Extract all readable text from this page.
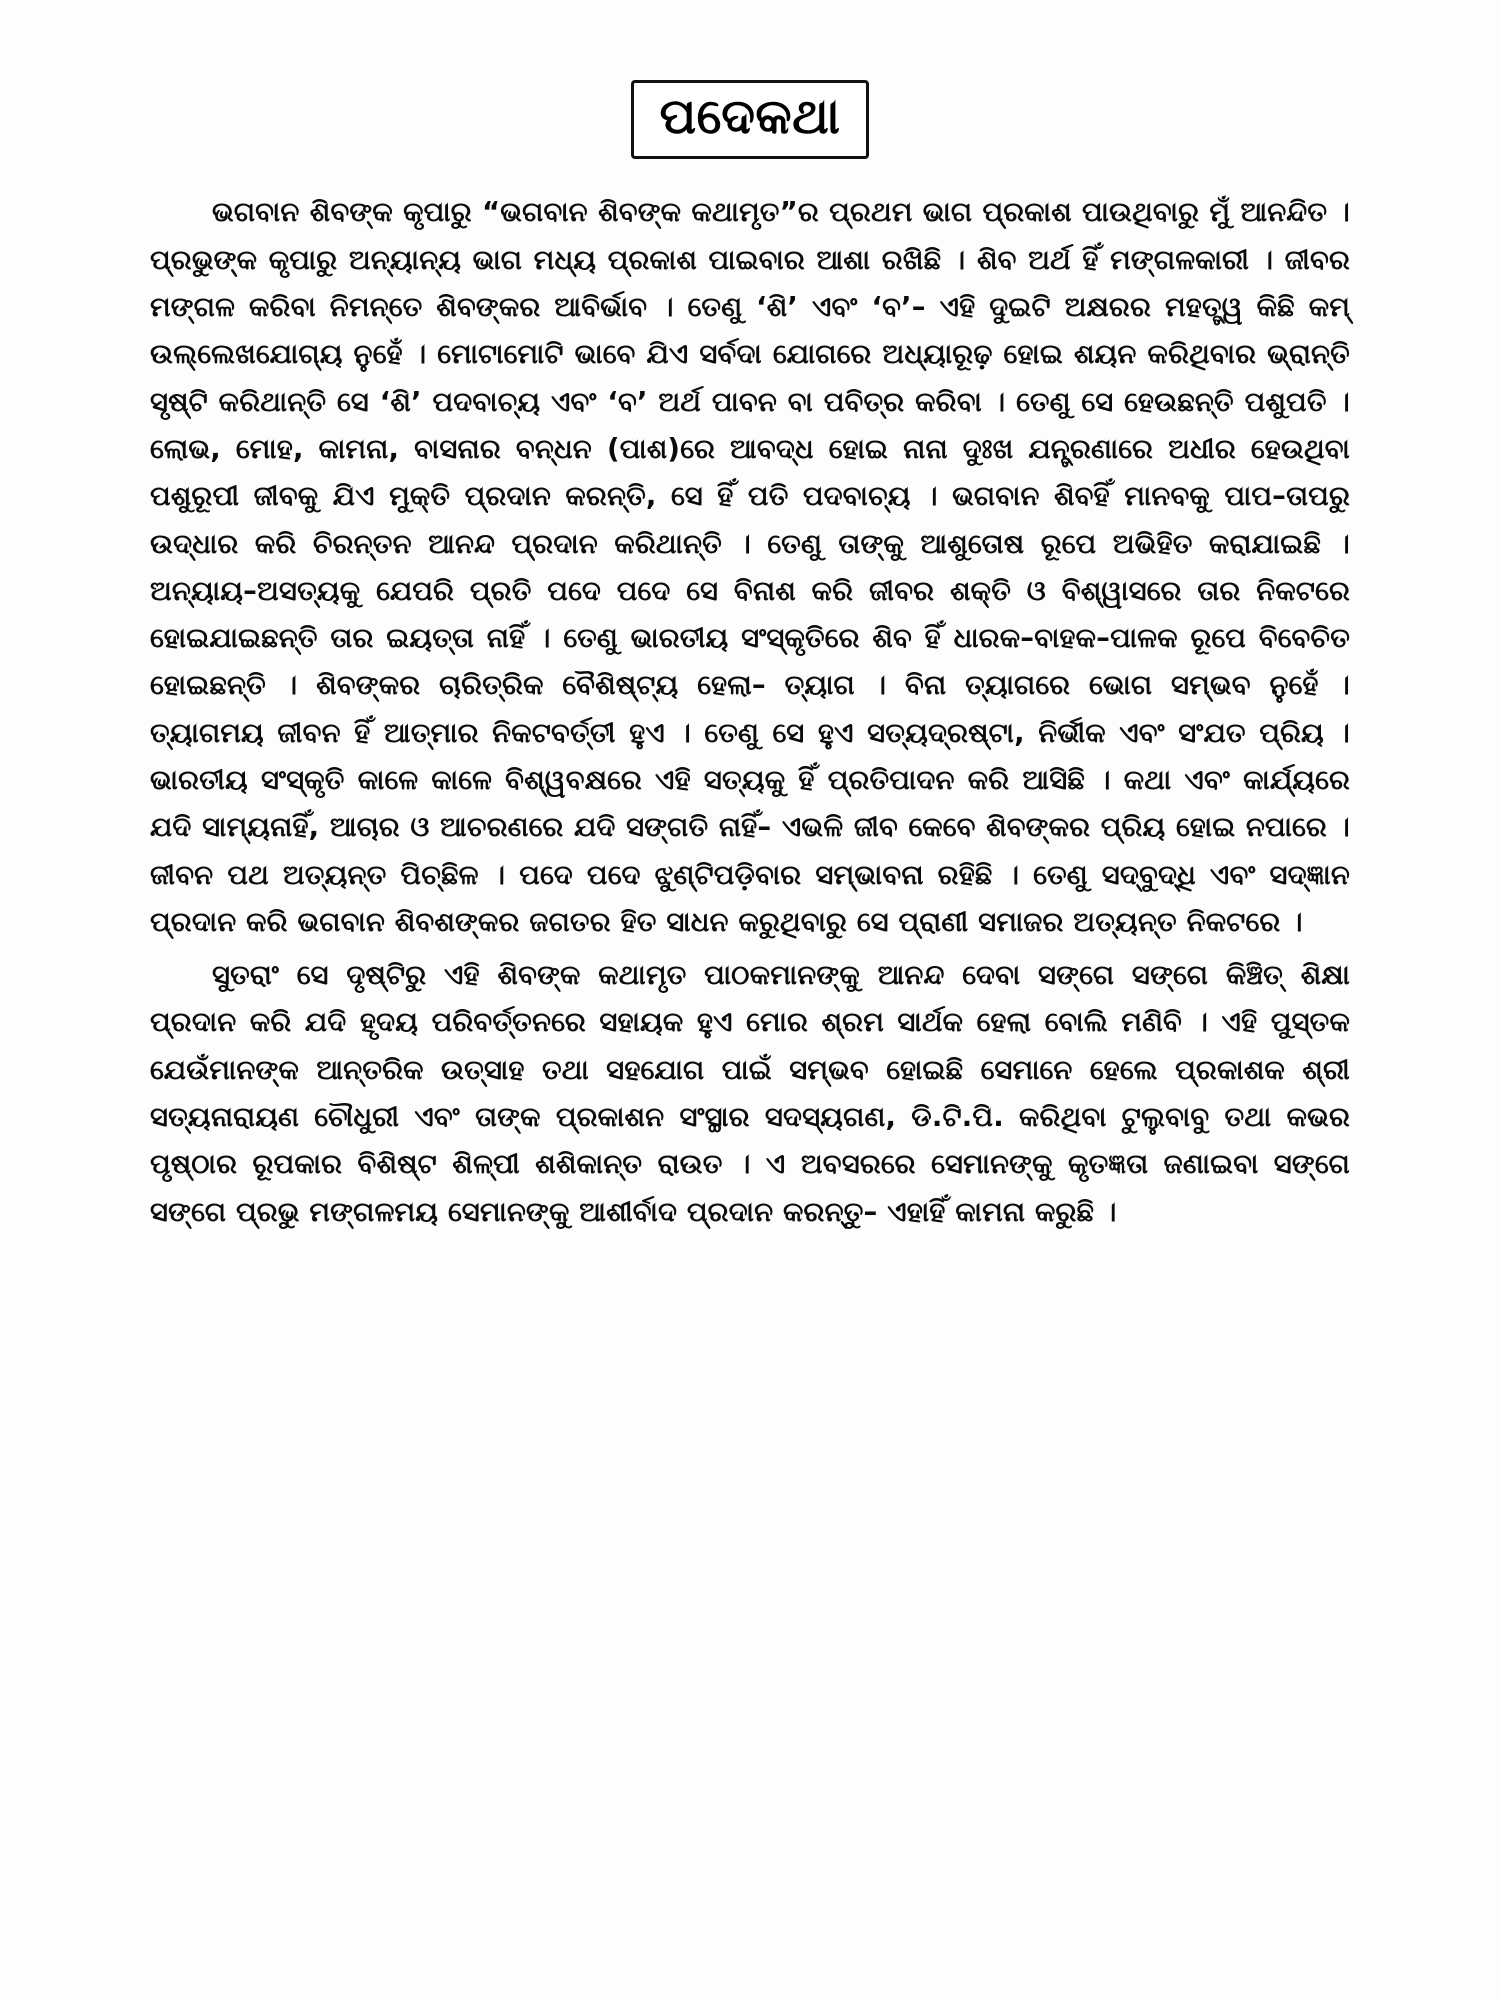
ପଦେକଥା

ଭଗବାନ ଶିବଙ୍କ କୃପାରୁ “ଭଗବାନ ଶିବଙ୍କ କଥାମୃତ”ର ପ୍ରଥମ ଭାଗ ପ୍ରକାଶ ପାଉଥିବାରୁ ମୁଁ ଆନନ୍ଦିତ । ପ୍ରଭୁଙ୍କ କୃପାରୁ ଅନ୍ୟାନ୍ୟ ଭାଗ ମଧ୍ୟ ପ୍ରକାଶ ପାଇବାର ଆଶା ରଖିଛି । ଶିବ ଅର୍ଥ ହିଁ ମଙ୍ଗଳକାରୀ । ଜୀବର ମଙ୍ଗଳ କରିବା ନିମନ୍ତେ ଶିବଙ୍କର ଆବିର୍ଭାବ । ତେଣୁ ‘ଶି’ ଏବଂ ‘ବ’– ଏହି ଦୁଇଟି ଅକ୍ଷରର ମହତ୍ତ୍ୱ କିଛି କମ୍ ଉଲ୍ଲେଖଯୋଗ୍ୟ ନୁହେଁ । ମୋଟାମୋଟି ଭାବେ ଯିଏ ସର୍ବଦା ଯୋଗରେ ଅଧ୍ୟାରୂଢ଼ ହୋଇ ଶୟନ କରିଥିବାର ଭ୍ରାନ୍ତି ସୃଷ୍ଟି କରିଥାନ୍ତି ସେ ‘ଶି’ ପଦବାଚ୍ୟ ଏବଂ ‘ବ’ ଅର୍ଥ ପାବନ ବା ପବିତ୍ର କରିବା । ତେଣୁ ସେ ହେଉଛନ୍ତି ପଶୁପତି । ଲୋଭ, ମୋହ, କାମନା, ବାସନାର ବନ୍ଧନ (ପାଶ)ରେ ଆବଦ୍ଧ ହୋଇ ନାନା ଦୁଃଖ ଯନ୍ତ୍ରଣାରେ ଅଧୀର ହେଉଥିବା ପଶୁରୂପୀ ଜୀବକୁ ଯିଏ ମୁକ୍ତି ପ୍ରଦାନ କରନ୍ତି, ସେ ହିଁ ପତି ପଦବାଚ୍ୟ । ଭଗବାନ ଶିବହିଁ ମାନବକୁ ପାପ–ତାପରୁ ଉଦ୍ଧାର କରି ଚିରନ୍ତନ ଆନନ୍ଦ ପ୍ରଦାନ କରିଥାନ୍ତି । ତେଣୁ ତାଙ୍କୁ ଆଶୁତୋଷ ରୂପେ ଅଭିହିତ କରାଯାଇଛି । ଅନ୍ୟାୟ–ଅସତ୍ୟକୁ ଯେପରି ପ୍ରତି ପଦେ ପଦେ ସେ ବିନାଶ କରି ଜୀବର ଶକ୍ତି ଓ ବିଶ୍ୱାସରେ ତାର ନିକଟରେ ହୋଇଯାଇଛନ୍ତି ତାର ଇୟତ୍ତା ନାହିଁ । ତେଣୁ ଭାରତୀୟ ସଂସ୍କୃତିରେ ଶିବ ହିଁ ଧାରକ–ବାହକ–ପାଳକ ରୂପେ ବିବେଚିତ ହୋଇଛନ୍ତି । ଶିବଙ୍କର ଚାରିତ୍ରିକ ବୈଶିଷ୍ଟ୍ୟ ହେଲା– ତ୍ୟାଗ । ବିନା ତ୍ୟାଗରେ ଭୋଗ ସମ୍ଭବ ନୁହେଁ । ତ୍ୟାଗମୟ ଜୀବନ ହିଁ ଆତ୍ମାର ନିକଟବର୍ତ୍ତୀ ହୁଏ । ତେଣୁ ସେ ହୁଏ ସତ୍ୟଦ୍ରଷ୍ଟା, ନିର୍ଭୀକ ଏବଂ ସଂଯତ ପ୍ରିୟ । ଭାରତୀୟ ସଂସ୍କୃତି କାଳେ କାଳେ ବିଶ୍ୱବକ୍ଷରେ ଏହି ସତ୍ୟକୁ ହିଁ ପ୍ରତିପାଦନ କରି ଆସିଛି । କଥା ଏବଂ କାର୍ଯ୍ୟରେ ଯଦି ସାମ୍ୟନାହିଁ, ଆଚାର ଓ ଆଚରଣରେ ଯଦି ସଙ୍ଗତି ନାହିଁ– ଏଭଳି ଜୀବ କେବେ ଶିବଙ୍କର ପ୍ରିୟ ହୋଇ ନପାରେ । ଜୀବନ ପଥ ଅତ୍ୟନ୍ତ ପିଚ୍ଛିଳ । ପଦେ ପଦେ ଝୁଣ୍ଟିପଡ଼ିବାର ସମ୍ଭାବନା ରହିଛି । ତେଣୁ ସଦ୍‌ବୁଦ୍ଧି ଏବଂ ସଦ୍‌ଜ୍ଞାନ ପ୍ରଦାନ କରି ଭଗବାନ ଶିବଶଙ୍କର ଜଗତର ହିତ ସାଧନ କରୁଥିବାରୁ ସେ ପ୍ରାଣୀ ସମାଜର ଅତ୍ୟନ୍ତ ନିକଟରେ ।

ସୁତରାଂ ସେ ଦୃଷ୍ଟିରୁ ଏହି ଶିବଙ୍କ କଥାମୃତ ପାଠକମାନଙ୍କୁ ଆନନ୍ଦ ଦେବା ସଙ୍ଗେ ସଙ୍ଗେ କିଞ୍ଚିତ୍‌ ଶିକ୍ଷା ପ୍ରଦାନ କରି ଯଦି ହୃଦୟ ପରିବର୍ତ୍ତନରେ ସହାୟକ ହୁଏ ମୋର ଶ୍ରମ ସାର୍ଥକ ହେଲା ବୋଲି ମଣିବି । ଏହି ପୁସ୍ତକ ଯେଉଁମାନଙ୍କ ଆନ୍ତରିକ ଉତ୍ସାହ ତଥା ସହଯୋଗ ପାଇଁ ସମ୍ଭବ ହୋଇଛି ସେମାନେ ହେଲେ ପ୍ରକାଶକ ଶ୍ରୀ ସତ୍ୟନାରାୟଣ ଚୌଧୁରୀ ଏବଂ ତାଙ୍କ ପ୍ରକାଶନ ସଂସ୍ଥାର ସଦସ୍ୟଗଣ, ଡି.ଟି.ପି. କରିଥିବା ଟୁଲୁବାବୁ ତଥା କଭର ପୃଷ୍ଠାର ରୂପକାର ବିଶିଷ୍ଟ ଶିଳ୍ପୀ ଶଶିକାନ୍ତ ରାଉତ । ଏ ଅବସରରେ ସେମାନଙ୍କୁ କୃତଜ୍ଞତା ଜଣାଇବା ସଙ୍ଗେ ସଙ୍ଗେ ପ୍ରଭୁ ମଙ୍ଗଳମୟ ସେମାନଙ୍କୁ ଆଶୀର୍ବାଦ ପ୍ରଦାନ କରନ୍ତୁ– ଏହାହିଁ କାମନା କରୁଛି ।
